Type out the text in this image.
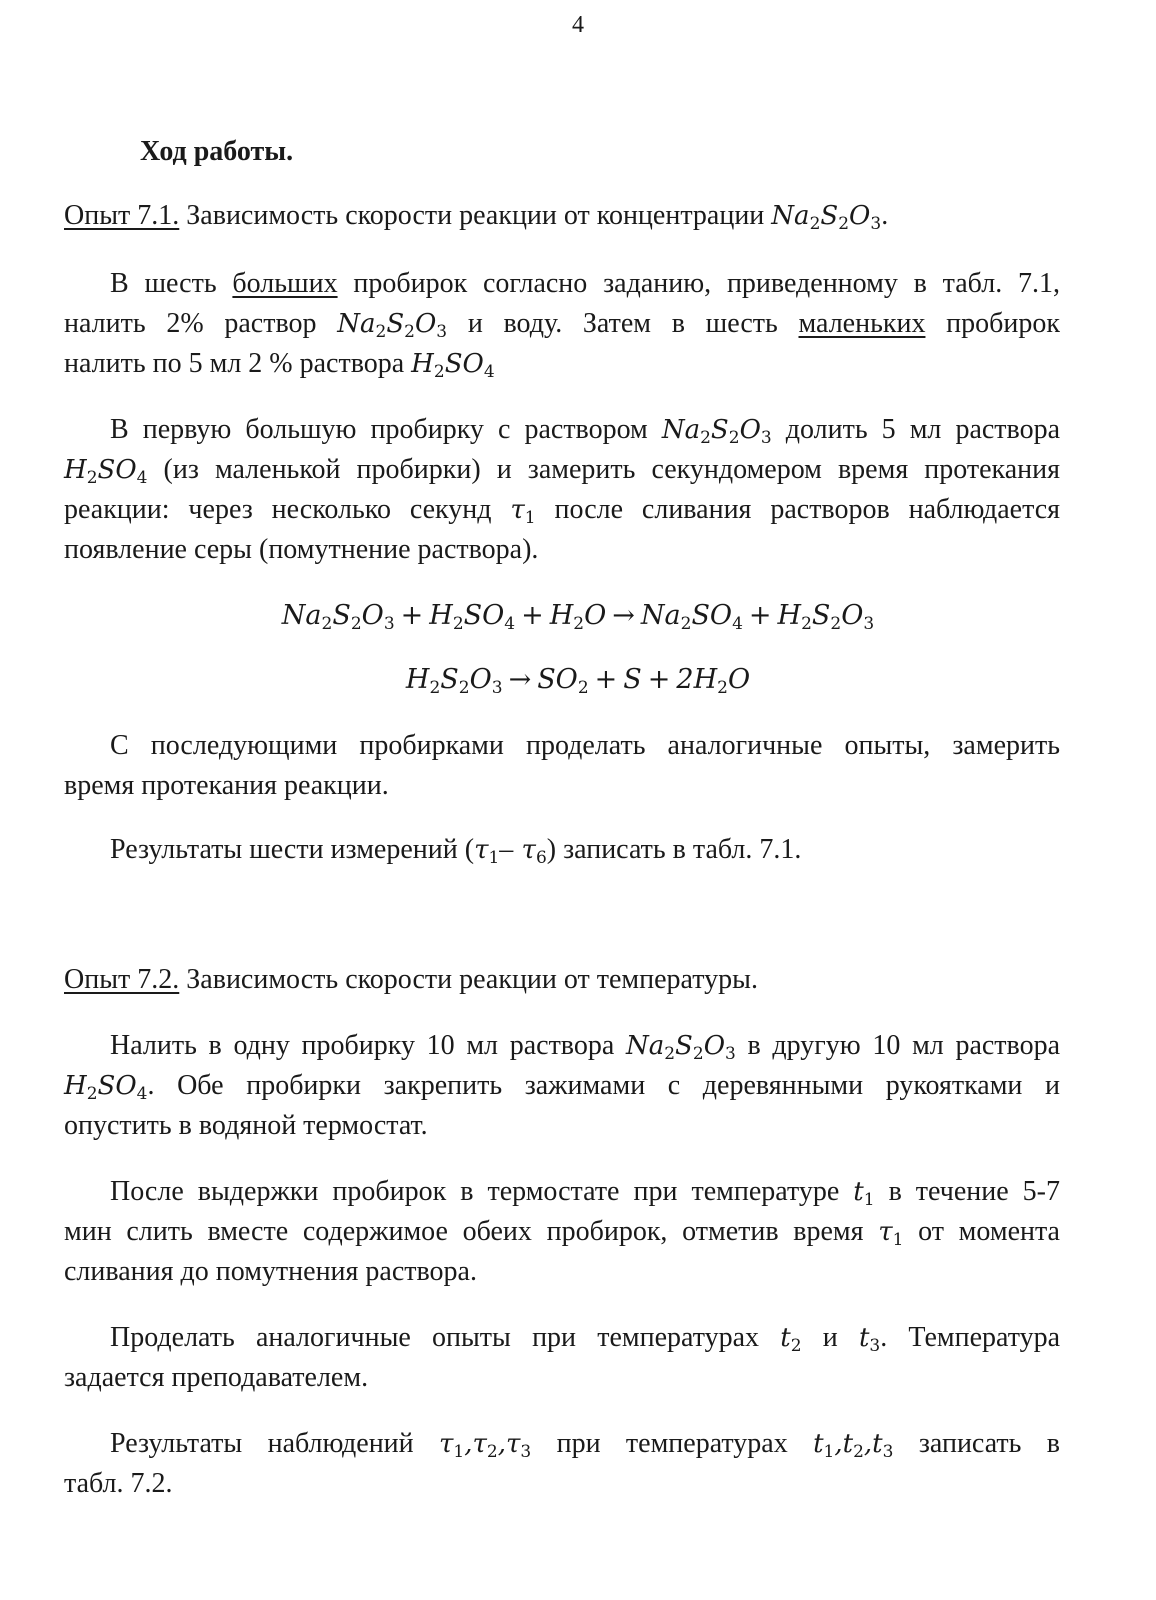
4
Ход работы.
Опыт 7.1. Зависимость скорости реакции от концентрации $Na_2S_2O_3$.
В шесть больших пробирок согласно заданию, приведенному в табл. 7.1,
налить 2% раствор $Na_2S_2O_3$ и воду. Затем в шесть маленьких пробирок
налить по 5 мл 2 % раствора $H_2SO_4$
В первую большую пробирку с раствором $Na_2S_2O_3$ долить 5 мл раствора
$H_2SO_4$ (из маленькой пробирки) и замерить секундомером время протекания
реакции: через несколько секунд $\tau_1$ после сливания растворов наблюдается
появление серы (помутнение раствора).
$Na_2S_2O_3 + H_2SO_4 + H_2O \to Na_2SO_4 + H_2S_2O_3$
$H_2S_2O_3 \to SO_2 + S + 2H_2O$
С последующими пробирками проделать аналогичные опыты, замерить
время протекания реакции.
Результаты шести измерений ($\tau_1-$ $\tau_6$) записать в табл. 7.1.
Опыт 7.2. Зависимость скорости реакции от температуры.
Налить в одну пробирку 10 мл раствора $Na_2S_2O_3$ в другую 10 мл раствора
$H_2SO_4$. Обе пробирки закрепить зажимами с деревянными рукоятками и
опустить в водяной термостат.
После выдержки пробирок в термостате при температуре $t_1$ в течение 5-7
мин слить вместе содержимое обеих пробирок, отметив время $\tau_1$ от момента
сливания до помутнения раствора.
Проделать аналогичные опыты при температурах $t_2$ и $t_3$. Температура
задается преподавателем.
Результаты наблюдений $\tau_1,\tau_2,\tau_3$ при температурах $t_1,t_2,t_3$ записать в
табл. 7.2.
